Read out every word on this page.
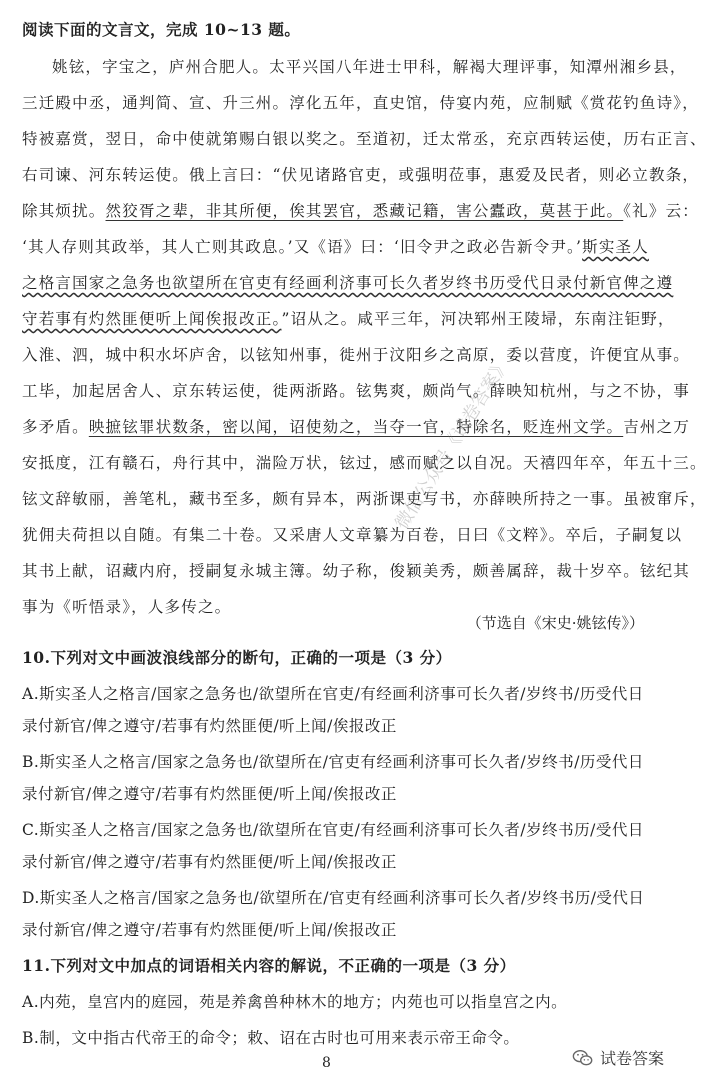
阅读下面的文言文，完成 10~13 题。
姚铉，字宝之，庐州合肥人。太平兴国八年进士甲科，解褐大理评事，知潭州湘乡县，
三迁殿中丞，通判简、宣、升三州。淳化五年，直史馆，侍宴内苑，应制赋《赏花钓鱼诗》，
特被嘉赏，翌日，命中使就第赐白银以奖之。至道初，迁太常丞，充京西转运使，历右正言、
右司谏、河东转运使。俄上言曰：“伏见诸路官吏，或强明莅事，惠爱及民者，则必立教条，
除其烦扰。然狡胥之辈，非其所便，俟其罢官，悉藏记籍，害公蠹政，莫甚于此。《礼》云：
‘其人存则其政举，其人亡则其政息。’又《语》曰：‘旧令尹之政必告新令尹。’斯实圣人
之格言国家之急务也欲望所在官吏有经画利济事可长久者岁终书历受代日录付新官俾之遵
守若事有灼然匪便听上闻俟报改正。”诏从之。咸平三年，河决郓州王陵埽，东南注钜野，
入淮、泗，城中积水坏庐舍，以铉知州事，徙州于汶阳乡之高原，委以营度，许便宜从事。
工毕，加起居舍人、京东转运使，徙两浙路。铉隽爽，颇尚气。薛映知杭州，与之不协，事
多矛盾。映摭铉罪状数条，密以闻，诏使劾之，当夺一官，特除名，贬连州文学。吉州之万
安抵度，江有赣石，舟行其中，湍险万状，铉过，感而赋之以自况。天禧四年卒，年五十三。
铉文辞敏丽，善笔札，藏书至多，颇有异本，两浙课吏写书，亦薛映所持之一事。虽被窜斥，
犹佣夫荷担以自随。有集二十卷。又采唐人文章纂为百卷，日曰《文粹》。卒后，子嗣复以
其书上献，诏藏内府，授嗣复永城主簿。幼子称，俊颖美秀，颇善属辞，裁十岁卒。铉纪其
事为《听悟录》，人多传之。
（节选自《宋史·姚铉传》）
10.下列对文中画波浪线部分的断句，正确的一项是（3 分）
A.斯实圣人之格言/国家之急务也/欲望所在官吏/有经画利济事可长久者/岁终书/历受代日
录付新官/俾之遵守/若事有灼然匪便/听上闻/俟报改正
B.斯实圣人之格言/国家之急务也/欲望所在/官吏有经画利济事可长久者/岁终书/历受代日
录付新官/俾之遵守/若事有灼然匪便/听上闻/俟报改正
C.斯实圣人之格言/国家之急务也/欲望所在官吏/有经画利济事可长久者/岁终书历/受代日
录付新官/俾之遵守/若事有灼然匪便/听上闻/俟报改正
D.斯实圣人之格言/国家之急务也/欲望所在/官吏有经画利济事可长久者/岁终书历/受代日
录付新官/俾之遵守/若事有灼然匪便/听上闻/俟报改正
11.下列对文中加点的词语相关内容的解说，不正确的一项是（3 分）
A.内苑，皇宫内的庭园，苑是养禽兽种林木的地方；内苑也可以指皇宫之内。
B.制，文中指古代帝王的命令；敕、诏在古时也可用来表示帝王命令。
微信公众号《试卷答案》
8	试卷答案
